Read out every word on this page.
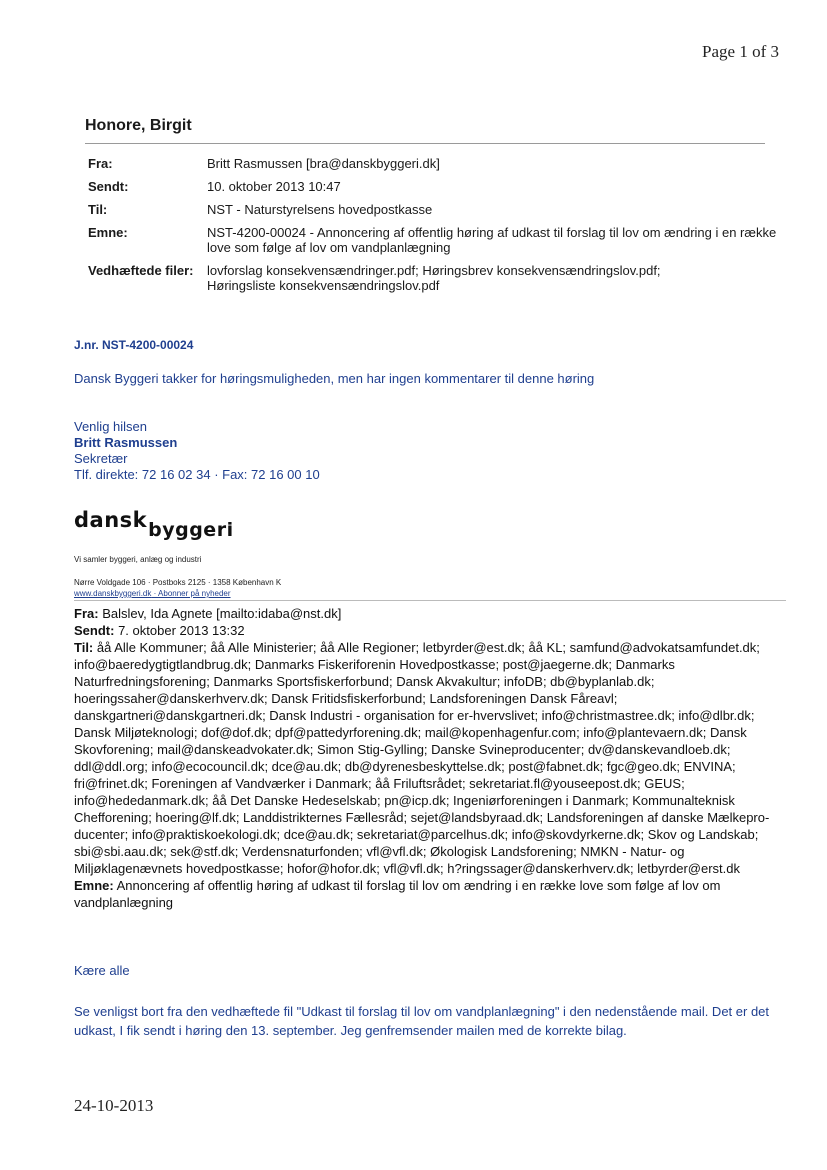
Page 1 of 3
Honore, Birgit
Fra:	Britt Rasmussen [bra@danskbyggeri.dk]
Sendt:	10. oktober 2013 10:47
Til:	NST - Naturstyrelsens hovedpostkasse
Emne:	NST-4200-00024 - Annoncering af offentlig høring af udkast til forslag til lov om ændring i en række love som følge af lov om vandplanlægning
Vedhæftede filer: lovforslag konsekvensændringer.pdf; Høringsbrev konsekvensændringslov.pdf; Høringsliste konsekvensændringslov.pdf
J.nr. NST-4200-00024
Dansk Byggeri takker for høringsmuligheden, men har ingen kommentarer til denne høring
Venlig hilsen
Britt Rasmussen
Sekretær
Tlf. direkte: 72 16 02 34 · Fax: 72 16 00 10
danskbyggeri
Vi samler byggeri, anlæg og industri
Nørre Voldgade 106 · Postboks 2125 · 1358 København K
www.danskbyggeri.dk · Abonner på nyheder
Fra: Balslev, Ida Agnete [mailto:idaba@nst.dk]
Sendt: 7. oktober 2013 13:32
Til: åå Alle Kommuner; åå Alle Ministerier; åå Alle Regioner; letbyrder@est.dk; åå KL; samfund@advokatsamfundet.dk; info@baeredygtigtlandbrug.dk; Danmarks Fiskeriforenin Hovedpostkasse; post@jaegerne.dk; Danmarks Naturfredningsforening; Danmarks Sportsfiskerforbund; Dansk Akvakultur; infoDB; db@byplanlab.dk; hoeringssaher@danskerhverv.dk; Dansk Fritidsfiskerforbund; Landsforeningen Dansk Fåreavl; danskgartneri@danskgartneri.dk; Dansk Industri - organisation for er-hvervslivet; info@christmastree.dk; info@dlbr.dk; Dansk Miljøteknologi; dof@dof.dk; dpf@pattedyrforening.dk; mail@kopenhagenfur.com; info@plantevaern.dk; Dansk Skovforening; mail@danskeadvokater.dk; Simon Stig-Gylling; Danske Svineproducenter; dv@danskevandloeb.dk; ddl@ddl.org; info@ecocouncil.dk; dce@au.dk; db@dyrenesbeskyttelse.dk; post@fabnet.dk; fgc@geo.dk; ENVINA; fri@frinet.dk; Foreningen af Vandværker i Danmark; åå Friluftsrådet; sekretariat.fl@youseepost.dk; GEUS; info@hededanmark.dk; åå Det Danske Hedeselskab; pn@icp.dk; Ingeniørforeningen i Danmark; Kommunalteknisk Chefforening; hoering@lf.dk; Landdistrikternes Fællesråd; sejet@landsbyraad.dk; Landsforeningen af danske Mælkepro-ducenter; info@praktiskoekologi.dk; dce@au.dk; sekretariat@parcelhus.dk; info@skovdyrkerne.dk; Skov og Landskab; sbi@sbi.aau.dk; sek@stf.dk; Verdensnaturfonden; vfl@vfl.dk; Økologisk Landsforening; NMKN - Natur- og Miljøklagenævnets hovedpostkasse; hofor@hofor.dk; vfl@vfl.dk; h?ringssager@danskerhverv.dk; letbyrder@erst.dk
Emne: Annoncering af offentlig høring af udkast til forslag til lov om ændring i en række love som følge af lov om vandplanlægning
Kære alle
Se venligst bort fra den vedhæftede fil "Udkast til forslag til lov om vandplanlægning" i den nedenstående mail. Det er det udkast, I fik sendt i høring den 13. september. Jeg genfremsender mailen med de korrekte bilag.
24-10-2013
